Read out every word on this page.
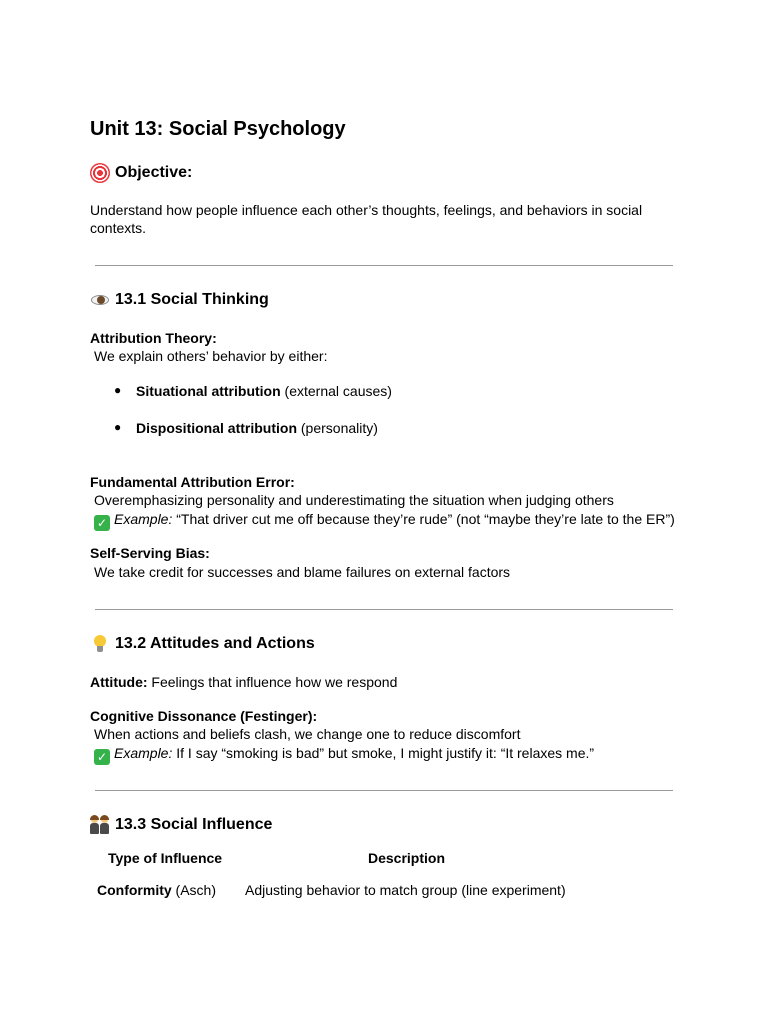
Unit 13: Social Psychology
Objective:
Understand how people influence each other’s thoughts, feelings, and behaviors in social
contexts.
13.1 Social Thinking
Attribution Theory:
We explain others’ behavior by either:
● Situational attribution (external causes)
● Dispositional attribution (personality)
Fundamental Attribution Error:
Overemphasizing personality and underestimating the situation when judging others
✓ Example: “That driver cut me off because they’re rude” (not “maybe they’re late to the ER”)
Self-Serving Bias:
We take credit for successes and blame failures on external factors
13.2 Attitudes and Actions
Attitude: Feelings that influence how we respond
Cognitive Dissonance (Festinger):
When actions and beliefs clash, we change one to reduce discomfort
✓ Example: If I say “smoking is bad” but smoke, I might justify it: “It relaxes me.”
13.3 Social Influence
Type of Influence	Description
Conformity (Asch) Adjusting behavior to match group (line experiment)
